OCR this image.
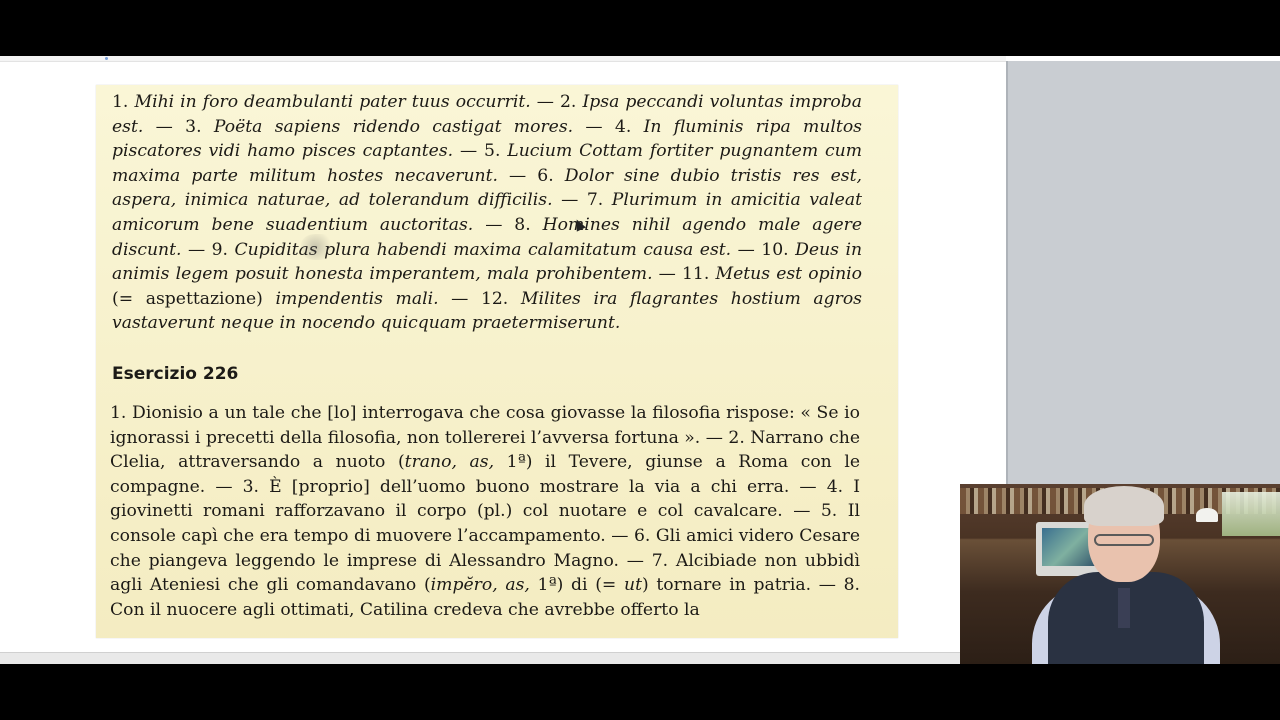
1. Mihi in foro deambulanti pater tuus occurrit. — 2. Ipsa peccandi voluntas improba est. — 3. Poëta sapiens ridendo castigat mores. — 4. In fluminis ripa multos piscatores vidi hamo pisces captantes. — 5. Lucium Cottam fortiter pugnantem cum maxima parte militum hostes necaverunt. — 6. Dolor sine dubio tristis res est, aspera, inimica naturae, ad tolerandum difficilis. — 7. Plurimum in amicitia valeat amicorum bene suadentium auctoritas. — 8. Homines nihil agendo male agere discunt. — 9. Cupiditas plura habendi maxima calamitatum causa est. — 10. Deus in animis legem posuit honesta imperantem, mala prohibentem. — 11. Metus est opinio (= aspettazione) impendentis mali. — 12. Milites ira flagrantes hostium agros vastaverunt neque in nocendo quicquam praetermiserunt.
Esercizio 226
1. Dionisio a un tale che [lo] interrogava che cosa giovasse la filosofia rispose: « Se io ignorassi i precetti della filosofia, non tollererei l’avversa fortuna ». — 2. Narrano che Clelia, attraversando a nuoto (trano, as, 1ª) il Tevere, giunse a Roma con le compagne. — 3. È [proprio] dell’uomo buono mostrare la via a chi erra. — 4. I giovinetti romani rafforzavano il corpo (pl.) col nuotare e col cavalcare. — 5. Il console capì che era tempo di muovere l’accampamento. — 6. Gli amici videro Cesare che piangeva leggendo le imprese di Alessandro Magno. — 7. Alcibiade non ubbidì agli Ateniesi che gli comandavano (impĕro, as, 1ª) di (= ut) tornare in patria. — 8. Con il nuocere agli ottimati, Catilina credeva che avrebbe offerto la
